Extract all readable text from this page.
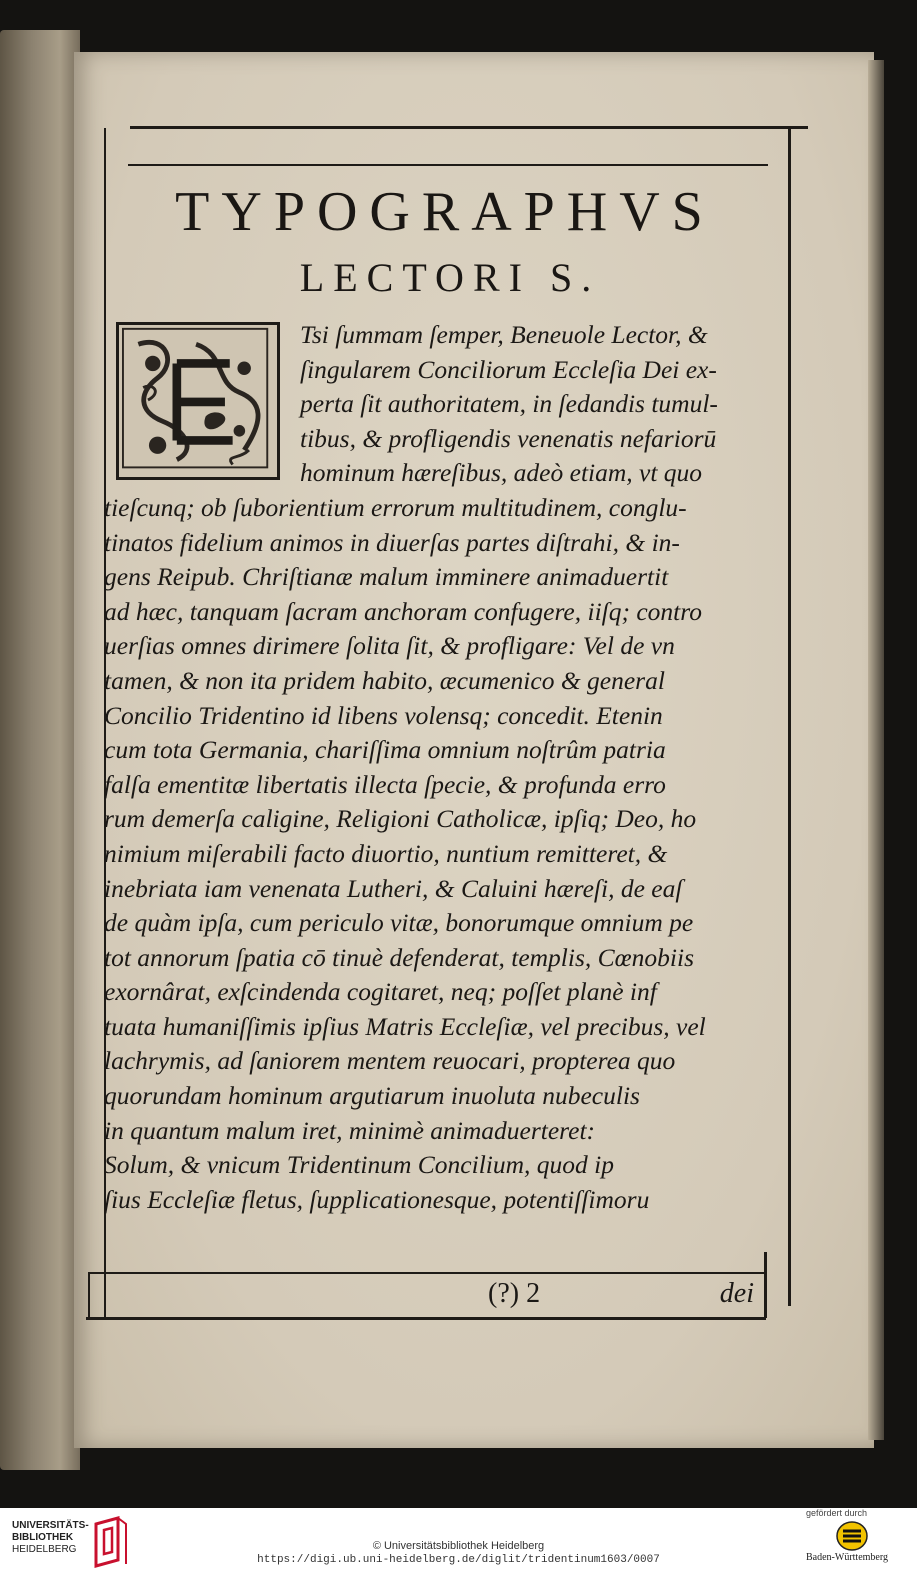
TYPOGRAPHVS
LECTORI S.
Tsi ſummam ſemper, Beneuole Lector, &
ſingularem Conciliorum Eccleſia Dei ex-
perta ſit authoritatem, in ſedandis tumul-
tibus, & profligendis venenatis nefariorū
hominum hæreſibus, adeò etiam, vt quo
tieſcunq; ob ſuborientium errorum multitudinem, conglu-
tinatos fidelium animos in diuerſas partes diſtrahi, & in-
gens Reipub. Chriſtianæ malum imminere animaduertit
ad hæc, tanquam ſacram anchoram confugere, iiſq; contro
uerſias omnes dirimere ſolita ſit, & profligare: Vel de vn
tamen, & non ita pridem habito, æcumenico & general
Concilio Tridentino id libens volensq; concedit. Etenin
cum tota Germania, chariſſima omnium noſtrûm patria
falſa ementitæ libertatis illecta ſpecie, & profunda erro
rum demerſa caligine, Religioni Catholicæ, ipſiq; Deo, ho
nimium miſerabili facto diuortio, nuntium remitteret, &
inebriata iam venenata Lutheri, & Caluini hæreſi, de eaſ
de quàm ipſa, cum periculo vitæ, bonorumque omnium pe
tot annorum ſpatia cō tinuè defenderat, templis, Cœnobiis
exornârat, exſcindenda cogitaret, neq; poſſet planè inf
tuata humaniſſimis ipſius Matris Eccleſiæ, vel precibus, vel
lachrymis, ad ſaniorem mentem reuocari, propterea quo
quorundam hominum argutiarum inuoluta nubeculis
in quantum malum iret, minimè animaduerteret:
Solum, & vnicum Tridentinum Concilium, quod ip
ſius Eccleſiæ fletus, ſupplicationesque, potentiſſimoru
(?) 2	dei
UNIVERSITÄTS-
BIBLIOTHEK
HEIDELBERG	© Universitätsbibliothek Heidelberg
https://digi.ub.uni-heidelberg.de/diglit/tridentinum1603/0007
gefördert durch
Baden-Württemberg
